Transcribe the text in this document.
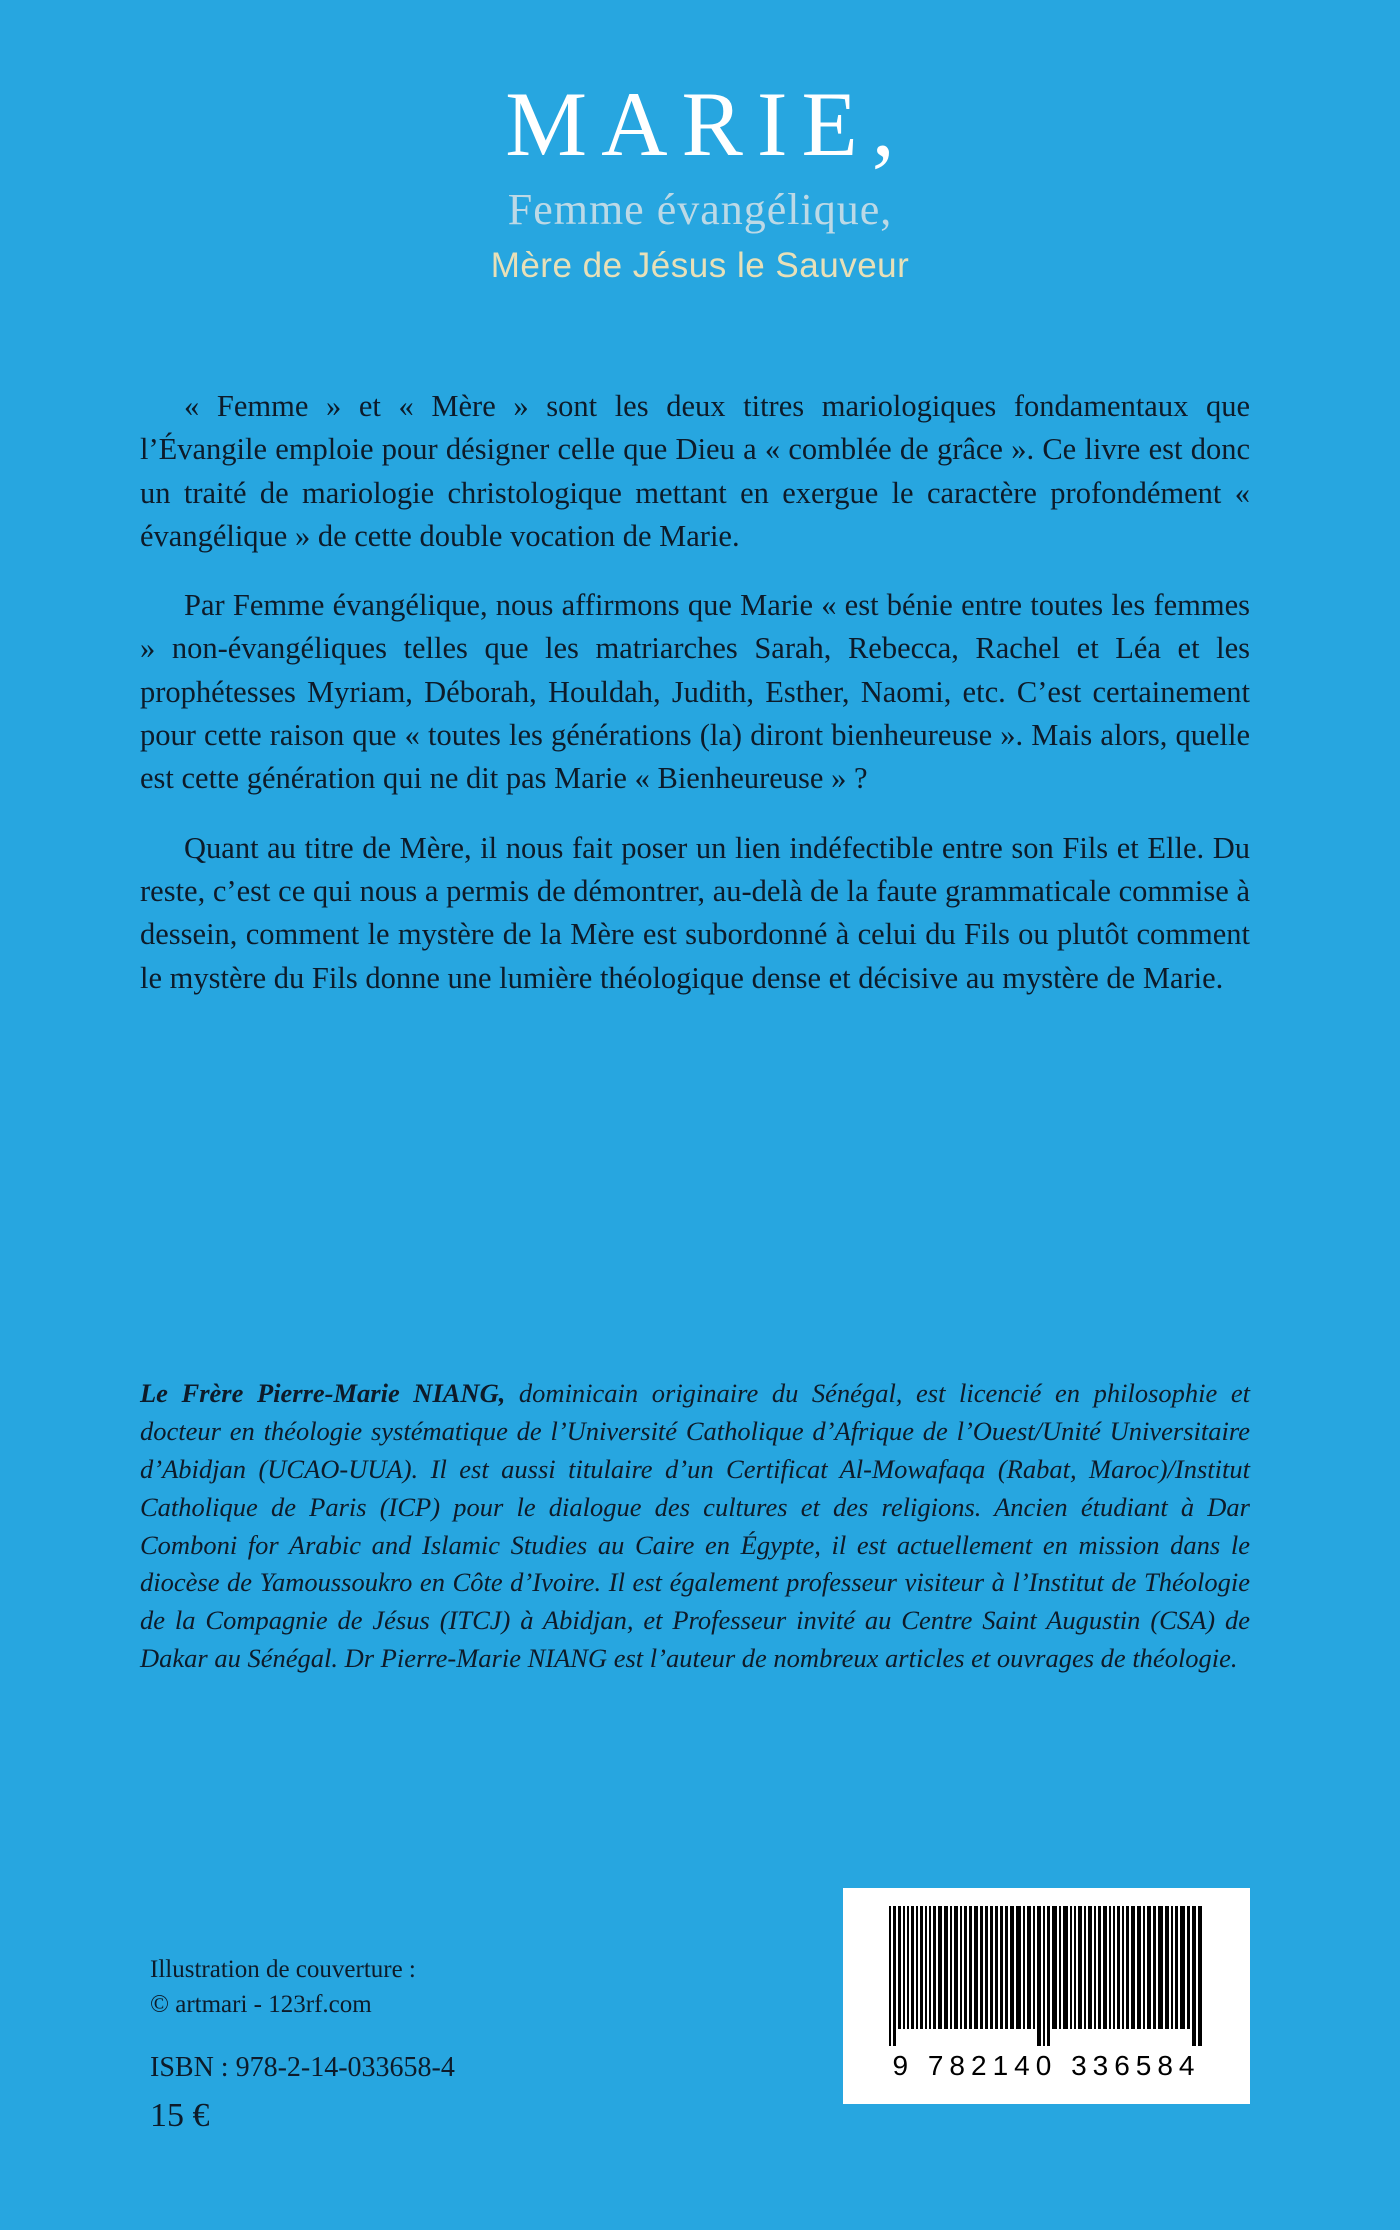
MARIE,
Femme évangélique,
Mère de Jésus le Sauveur

« Femme » et « Mère » sont les deux titres mariologiques fondamentaux que l’Évangile emploie pour désigner celle que Dieu a « comblée de grâce ». Ce livre est donc un traité de mariologie christologique mettant en exergue le caractère profondément « évangélique » de cette double vocation de Marie.

Par Femme évangélique, nous affirmons que Marie « est bénie entre toutes les femmes » non-évangéliques telles que les matriarches Sarah, Rebecca, Rachel et Léa et les prophétesses Myriam, Déborah, Houldah, Judith, Esther, Naomi, etc. C’est certainement pour cette raison que « toutes les générations (la) diront bienheureuse ». Mais alors, quelle est cette génération qui ne dit pas Marie « Bienheureuse » ?

Quant au titre de Mère, il nous fait poser un lien indéfectible entre son Fils et Elle. Du reste, c’est ce qui nous a permis de démontrer, au-delà de la faute grammaticale commise à dessein, comment le mystère de la Mère est subordonné à celui du Fils ou plutôt comment le mystère du Fils donne une lumière théologique dense et décisive au mystère de Marie.

Le Frère Pierre-Marie NIANG, dominicain originaire du Sénégal, est licencié en philosophie et docteur en théologie systématique de l’Université Catholique d’Afrique de l’Ouest/Unité Universitaire d’Abidjan (UCAO-UUA). Il est aussi titulaire d’un Certificat Al-Mowafaqa (Rabat, Maroc)/Institut Catholique de Paris (ICP) pour le dialogue des cultures et des religions. Ancien étudiant à Dar Comboni for Arabic and Islamic Studies au Caire en Égypte, il est actuellement en mission dans le diocèse de Yamoussoukro en Côte d’Ivoire. Il est également professeur visiteur à l’Institut de Théologie de la Compagnie de Jésus (ITCJ) à Abidjan, et Professeur invité au Centre Saint Augustin (CSA) de Dakar au Sénégal. Dr Pierre-Marie NIANG est l’auteur de nombreux articles et ouvrages de théologie.
Illustration de couverture :
© artmari - 123rf.com
ISBN : 978-2-14-033658-4
15 €
9 782140 336584
